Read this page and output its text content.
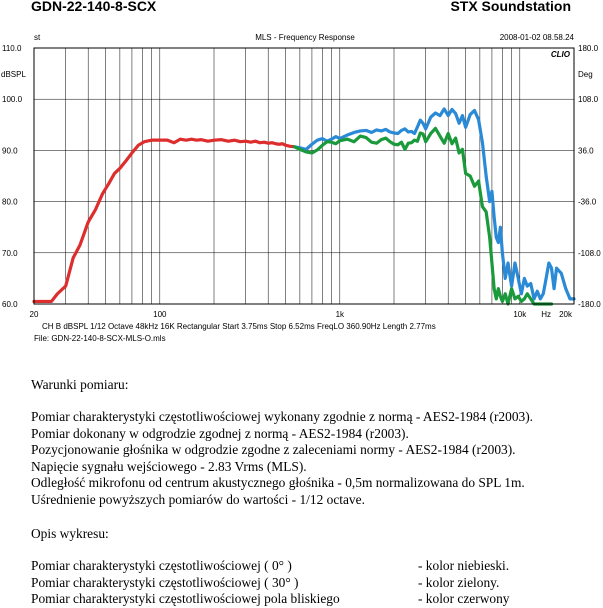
GDN-22-140-8-SCX	STX Soundstation
st	MLS - Frequency Response	2008-01-02 08.58.24
CLIO
dBSPL	Deg
110.0
100.0
90.0
80.0
70.0
60.0
180.0
108.0
36.0
-36.0
-108.0
-180.0
20	100	1k	10k Hz 20k
CH B dBSPL 1/12 Octave 48kHz 16K Rectangular Start 3.75ms Stop 6.52ms FreqLO 360.90Hz Length 2.77ms
File: GDN-22-140-8-SCX-MLS-O.mls
Warunki pomiaru:
Pomiar charakterystyki częstotliwościowej wykonany zgodnie z normą - AES2-1984 (r2003).
Pomiar dokonany w odgrodzie zgodnej z normą - AES2-1984 (r2003).
Pozycjonowanie głośnika w odgrodzie zgodne z zaleceniami normy - AES2-1984 (r2003).
Napięcie sygnału wejściowego - 2.83 Vrms (MLS).
Odległość mikrofonu od centrum akustycznego głośnika - 0,5m normalizowana do SPL 1m.
Uśrednienie powyższych pomiarów do wartości - 1/12 octave.
Opis wykresu:
Pomiar charakterystyki częstotliwościowej ( 0° )	- kolor niebieski.
Pomiar charakterystyki częstotliwościowej ( 30° )	- kolor zielony.
Pomiar charakterystyki częstotliwościowej pola bliskiego	- kolor czerwony
